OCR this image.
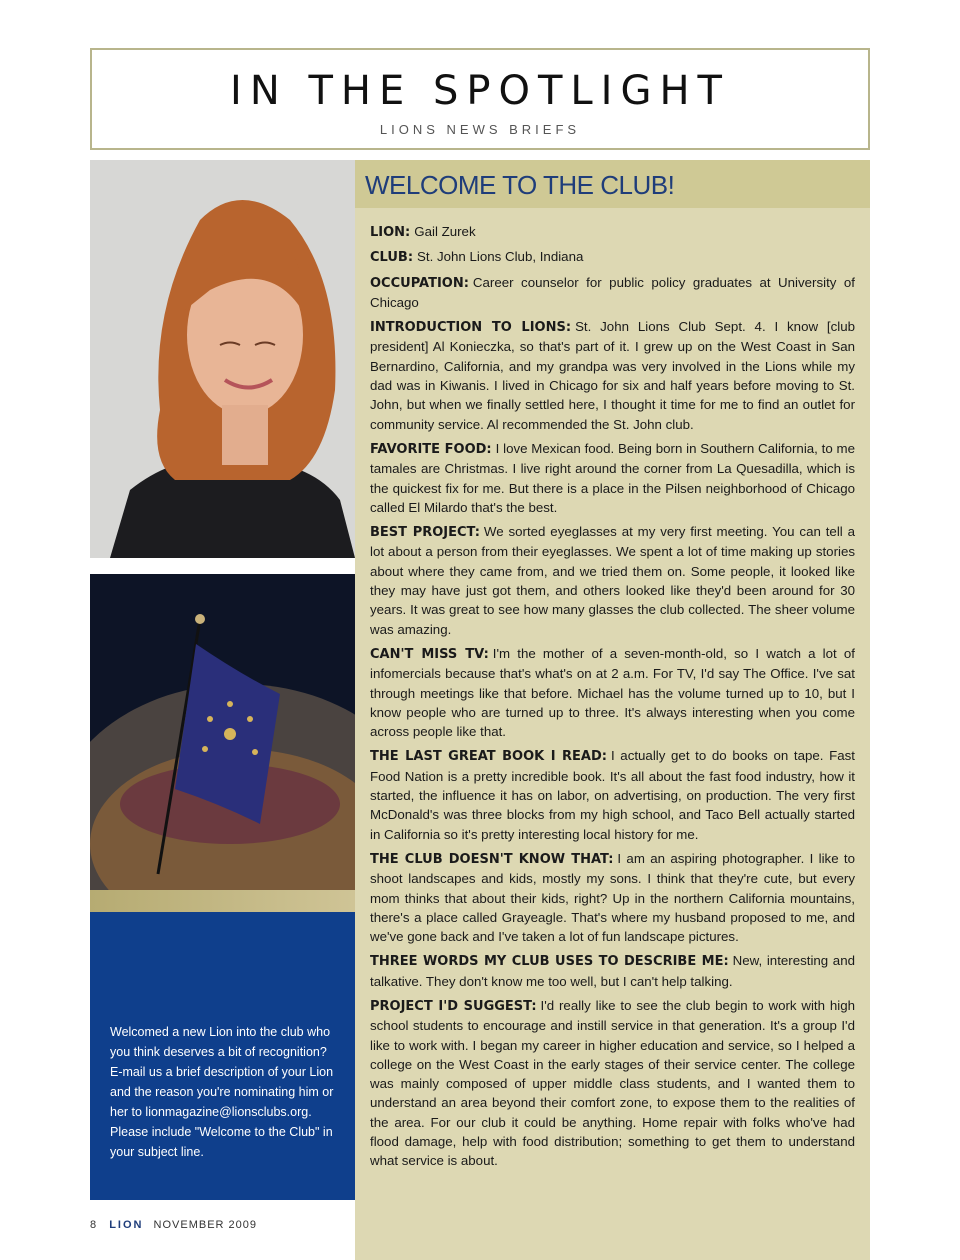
IN THE SPOTLIGHT
LIONS NEWS BRIEFS
Welcomed a new Lion into the club who you think deserves a bit of recognition? E-mail us a brief description of your Lion and the reason you're nominating him or her to lionmagazine@lionsclubs.org. Please include "Welcome to the Club" in your subject line.
WELCOME TO THE CLUB!

LION: Gail Zurek

CLUB: St. John Lions Club, Indiana

OCCUPATION: Career counselor for public policy graduates at University of Chicago

INTRODUCTION TO LIONS: St. John Lions Club Sept. 4. I know [club president] Al Konieczka, so that's part of it. I grew up on the West Coast in San Bernardino, California, and my grandpa was very involved in the Lions while my dad was in Kiwanis. I lived in Chicago for six and half years before moving to St. John, but when we finally settled here, I thought it time for me to find an outlet for community service. Al recommended the St. John club.

FAVORITE FOOD: I love Mexican food. Being born in Southern California, to me tamales are Christmas. I live right around the corner from La Quesadilla, which is the quickest fix for me. But there is a place in the Pilsen neighborhood of Chicago called El Milardo that's the best.

BEST PROJECT: We sorted eyeglasses at my very first meeting. You can tell a lot about a person from their eyeglasses. We spent a lot of time making up stories about where they came from, and we tried them on. Some people, it looked like they may have just got them, and others looked like they'd been around for 30 years. It was great to see how many glasses the club collected. The sheer volume was amazing.

CAN'T MISS TV: I'm the mother of a seven-month-old, so I watch a lot of infomercials because that's what's on at 2 a.m. For TV, I'd say The Office. I've sat through meetings like that before. Michael has the volume turned up to 10, but I know people who are turned up to three. It's always interesting when you come across people like that.

THE LAST GREAT BOOK I READ: I actually get to do books on tape. Fast Food Nation is a pretty incredible book. It's all about the fast food industry, how it started, the influence it has on labor, on advertising, on production. The very first McDonald's was three blocks from my high school, and Taco Bell actually started in California so it's pretty interesting local history for me.

THE CLUB DOESN'T KNOW THAT: I am an aspiring photographer. I like to shoot landscapes and kids, mostly my sons. I think that they're cute, but every mom thinks that about their kids, right? Up in the northern California mountains, there's a place called Grayeagle. That's where my husband proposed to me, and we've gone back and I've taken a lot of fun landscape pictures.

THREE WORDS MY CLUB USES TO DESCRIBE ME: New, interesting and talkative. They don't know me too well, but I can't help talking.

PROJECT I'D SUGGEST: I'd really like to see the club begin to work with high school students to encourage and instill service in that generation. It's a group I'd like to work with. I began my career in higher education and service, so I helped a college on the West Coast in the early stages of their service center. The college was mainly composed of upper middle class students, and I wanted them to understand an area beyond their comfort zone, to expose them to the realities of the area. For our club it could be anything. Home repair with folks who've had flood damage, help with food distribution; something to get them to understand what service is about.

8 LION NOVEMBER 2009
